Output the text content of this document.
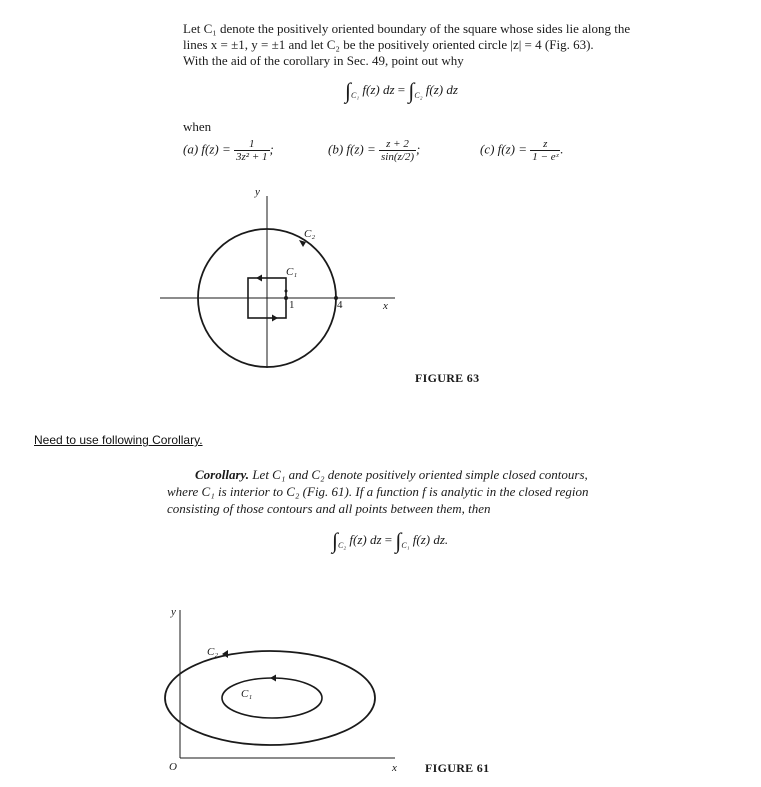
Let C₁ denote the positively oriented boundary of the square whose sides lie along the
lines x = ±1, y = ±1 and let C₂ be the positively oriented circle |z| = 4 (Fig. 63).
With the aid of the corollary in Sec. 49, point out why
$\int_{C_1}$ f(z) dz = $\int_{C_2}$ f(z) dz
when
(a) $f(z) = \frac{1}{\text{3z² + 1}}$ ;	(b) $f(z) = \frac{z + 2}{\sin(z/2)}$ ;	(c) $f(z) = \frac{z}{\text{1 − eᶻ}}$ .
y
x
C₁
C₂
1	4
FIGURE 63
Need to use following Corollary.
Corollary. Let C₁ and C₂ denote positively oriented simple closed contours,
where C₁ is interior to C₂ (Fig. 61). If a function f is analytic in the closed region
consisting of those contours and all points between them, then
$\int_{C_2}$ f(z) dz = $\int_{C_1}$ f(z) dz.
y
x
O
C₂
C₁
FIGURE 61
